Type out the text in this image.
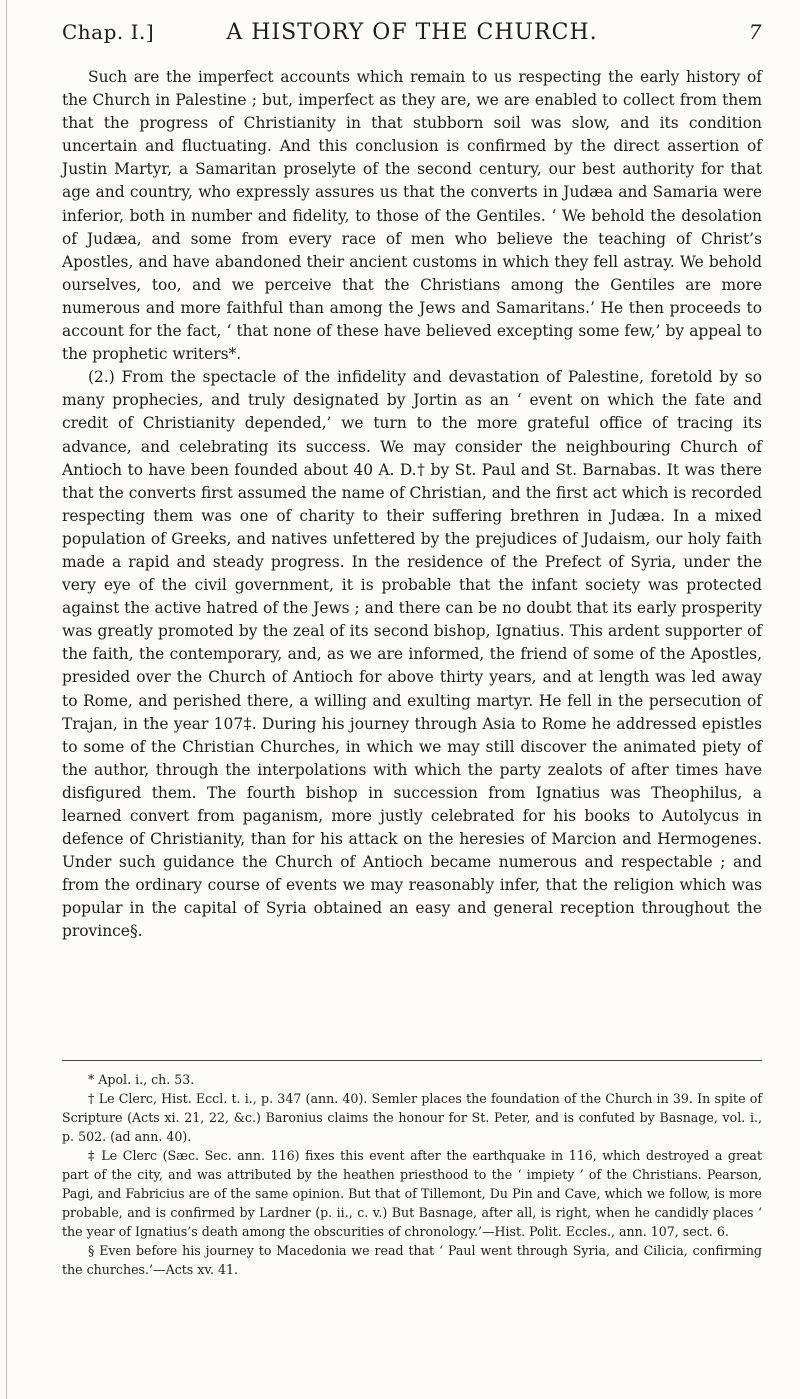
Chap. I.]	A HISTORY OF THE CHURCH.	7

Such are the imperfect accounts which remain to us respecting the early history of the Church in Palestine ; but, imperfect as they are, we are enabled to collect from them that the progress of Christianity in that stubborn soil was slow, and its condition uncertain and fluctuating. And this conclusion is confirmed by the direct assertion of Justin Martyr, a Samaritan proselyte of the second century, our best authority for that age and country, who expressly assures us that the converts in Judæa and Samaria were inferior, both in number and fidelity, to those of the Gentiles. ‘ We behold the desolation of Judæa, and some from every race of men who believe the teaching of Christ’s Apostles, and have abandoned their ancient customs in which they fell astray. We behold ourselves, too, and we perceive that the Christians among the Gentiles are more numerous and more faithful than among the Jews and Samaritans.’ He then proceeds to account for the fact, ‘ that none of these have believed excepting some few,’ by appeal to the prophetic writers*.

(2.) From the spectacle of the infidelity and devastation of Palestine, foretold by so many prophecies, and truly designated by Jortin as an ‘ event on which the fate and credit of Christianity depended,’ we turn to the more grateful office of tracing its advance, and celebrating its success. We may consider the neighbouring Church of Antioch to have been founded about 40 A. D.† by St. Paul and St. Barnabas. It was there that the converts first assumed the name of Christian, and the first act which is recorded respecting them was one of charity to their suffering brethren in Judæa. In a mixed population of Greeks, and natives unfettered by the prejudices of Judaism, our holy faith made a rapid and steady progress. In the residence of the Prefect of Syria, under the very eye of the civil government, it is probable that the infant society was protected against the active hatred of the Jews ; and there can be no doubt that its early prosperity was greatly promoted by the zeal of its second bishop, Ignatius. This ardent supporter of the faith, the contemporary, and, as we are informed, the friend of some of the Apostles, presided over the Church of Antioch for above thirty years, and at length was led away to Rome, and perished there, a willing and exulting martyr. He fell in the persecution of Trajan, in the year 107‡. During his journey through Asia to Rome he addressed epistles to some of the Christian Churches, in which we may still discover the animated piety of the author, through the interpolations with which the party zealots of after times have disfigured them. The fourth bishop in succession from Ignatius was Theophilus, a learned convert from paganism, more justly celebrated for his books to Autolycus in defence of Christianity, than for his attack on the heresies of Marcion and Hermogenes. Under such guidance the Church of Antioch became numerous and respectable ; and from the ordinary course of events we may reasonably infer, that the religion which was popular in the capital of Syria obtained an easy and general reception throughout the province§.

* Apol. i., ch. 53.

† Le Clerc, Hist. Eccl. t. i., p. 347 (ann. 40). Semler places the foundation of the Church in 39. In spite of Scripture (Acts xi. 21, 22, &c.) Baronius claims the honour for St. Peter, and is confuted by Basnage, vol. i., p. 502. (ad ann. 40).

‡ Le Clerc (Sæc. Sec. ann. 116) fixes this event after the earthquake in 116, which destroyed a great part of the city, and was attributed by the heathen priesthood to the ‘ impiety ’ of the Christians. Pearson, Pagi, and Fabricius are of the same opinion. But that of Tillemont, Du Pin and Cave, which we follow, is more probable, and is confirmed by Lardner (p. ii., c. v.) But Basnage, after all, is right, when he candidly places ‘ the year of Ignatius’s death among the obscurities of chronology.’—Hist. Polit. Eccles., ann. 107, sect. 6.

§ Even before his journey to Macedonia we read that ‘ Paul went through Syria, and Cilicia, confirming the churches.’—Acts xv. 41.
